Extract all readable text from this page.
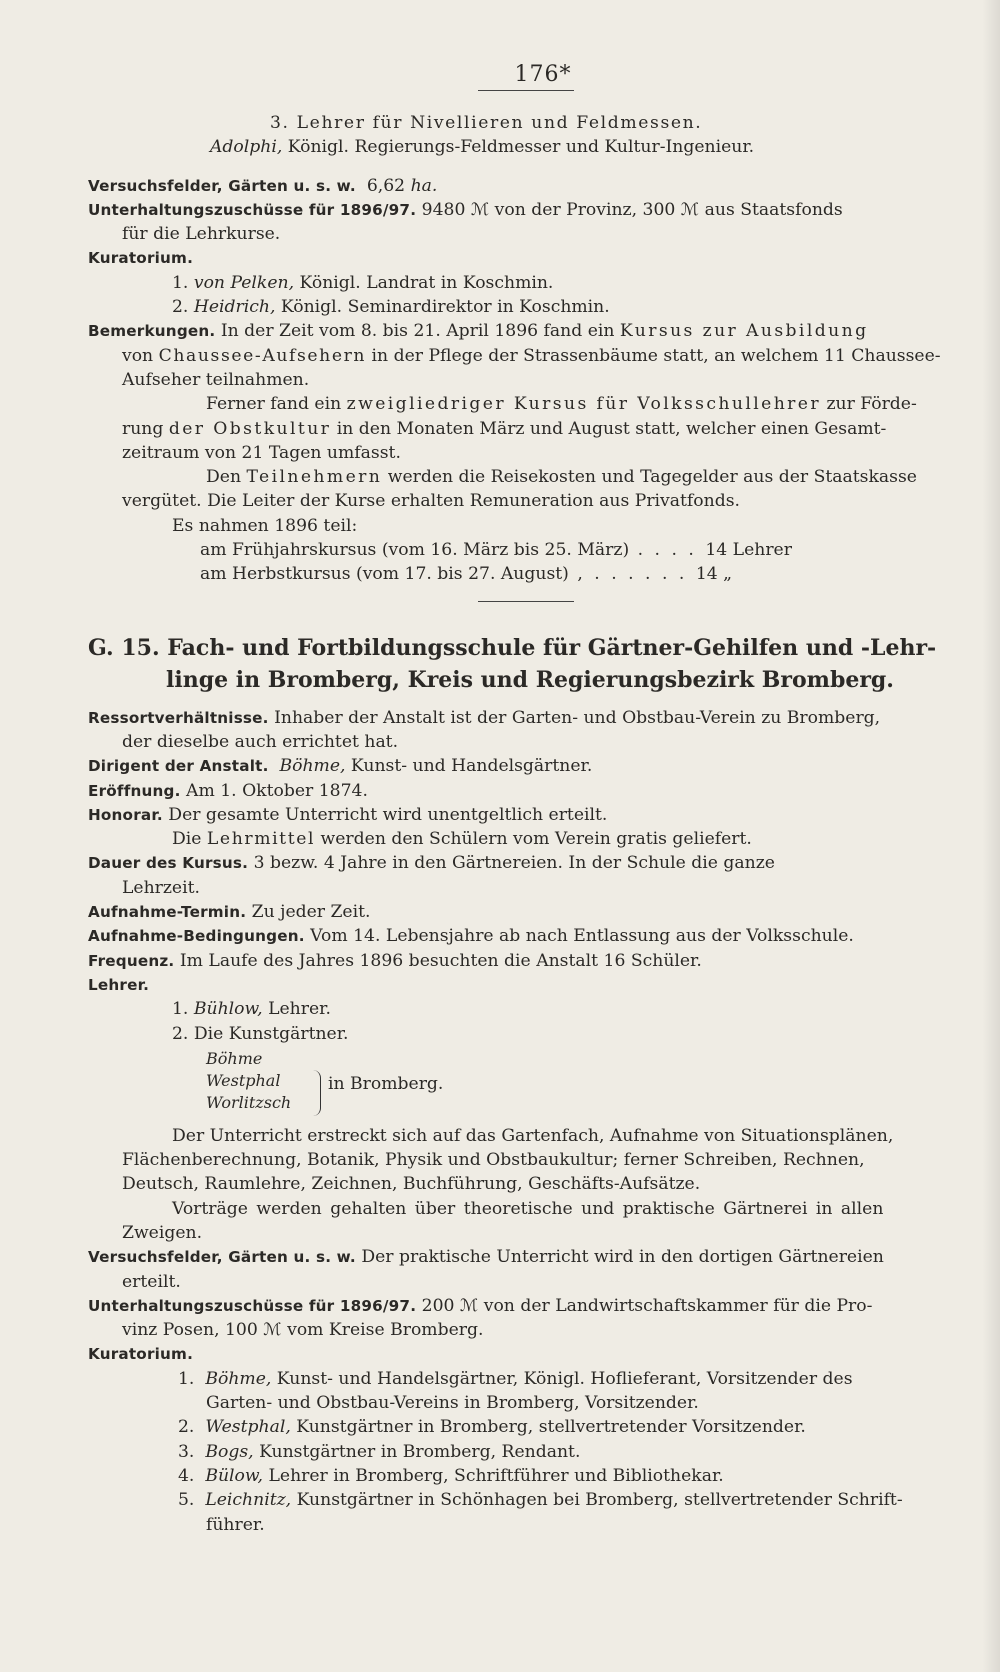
176*

3. Lehrer für Nivellieren und Feldmessen.

Adolphi, Königl. Regierungs-Feldmesser und Kultur-Ingenieur.

Versuchsfelder, Gärten u. s. w. 6,62 ha.

Unterhaltungszuschüsse für 1896/97. 9480 ℳ von der Provinz, 300 ℳ aus Staatsfonds
für die Lehrkurse.

Kuratorium.

1. von Pelken, Königl. Landrat in Koschmin.

2. Heidrich, Königl. Seminardirektor in Koschmin.

Bemerkungen. In der Zeit vom 8. bis 21. April 1896 fand ein Kursus zur Ausbildung
von Chaussee-Aufsehern in der Pflege der Strassenbäume statt, an welchem 11 Chaussee-
Aufseher teilnahmen.

Ferner fand ein zweigliedriger Kursus für Volksschullehrer zur Förde-

rung der Obstkultur in den Monaten März und August statt, welcher einen Gesamt-

zeitraum von 21 Tagen umfasst.

Den Teilnehmern werden die Reisekosten und Tagegelder aus der Staatskasse

vergütet. Die Leiter der Kurse erhalten Remuneration aus Privatfonds.

Es nahmen 1896 teil:

am Frühjahrskursus (vom 16. März bis 25. März) . . . . 14 Lehrer

am Herbstkursus (vom 17. bis 27. August) , . . . . . . 14 „

G. 15. Fach- und Fortbildungsschule für Gärtner-Gehilfen und -Lehr-
linge in Bromberg, Kreis und Regierungsbezirk Bromberg.

Ressortverhältnisse. Inhaber der Anstalt ist der Garten- und Obstbau-Verein zu Bromberg,
der dieselbe auch errichtet hat.

Dirigent der Anstalt. Böhme, Kunst- und Handelsgärtner.

Eröffnung. Am 1. Oktober 1874.

Honorar. Der gesamte Unterricht wird unentgeltlich erteilt.

Die Lehrmittel werden den Schülern vom Verein gratis geliefert.

Dauer des Kursus. 3 bezw. 4 Jahre in den Gärtnereien. In der Schule die ganze
Lehrzeit.

Aufnahme-Termin. Zu jeder Zeit.

Aufnahme-Bedingungen. Vom 14. Lebensjahre ab nach Entlassung aus der Volksschule.

Frequenz. Im Laufe des Jahres 1896 besuchten die Anstalt 16 Schüler.

Lehrer.

1. Bühlow, Lehrer.

2. Die Kunstgärtner.

Böhme
Westphal
Worlitzsch
in Bromberg.

Der Unterricht erstreckt sich auf das Gartenfach, Aufnahme von Situationsplänen,

Flächenberechnung, Botanik, Physik und Obstbaukultur; ferner Schreiben, Rechnen,

Deutsch, Raumlehre, Zeichnen, Buchführung, Geschäfts-Aufsätze.

Vorträge werden gehalten über theoretische und praktische Gärtnerei in allen

Zweigen.

Versuchsfelder, Gärten u. s. w. Der praktische Unterricht wird in den dortigen Gärtnereien
erteilt.

Unterhaltungszuschüsse für 1896/97. 200 ℳ von der Landwirtschaftskammer für die Pro-
vinz Posen, 100 ℳ vom Kreise Bromberg.

Kuratorium.

1. Böhme, Kunst- und Handelsgärtner, Königl. Hoflieferant, Vorsitzender des
Garten- und Obstbau-Vereins in Bromberg, Vorsitzender.

2. Westphal, Kunstgärtner in Bromberg, stellvertretender Vorsitzender.

3. Bogs, Kunstgärtner in Bromberg, Rendant.

4. Bülow, Lehrer in Bromberg, Schriftführer und Bibliothekar.

5. Leichnitz, Kunstgärtner in Schönhagen bei Bromberg, stellvertretender Schrift-
führer.
